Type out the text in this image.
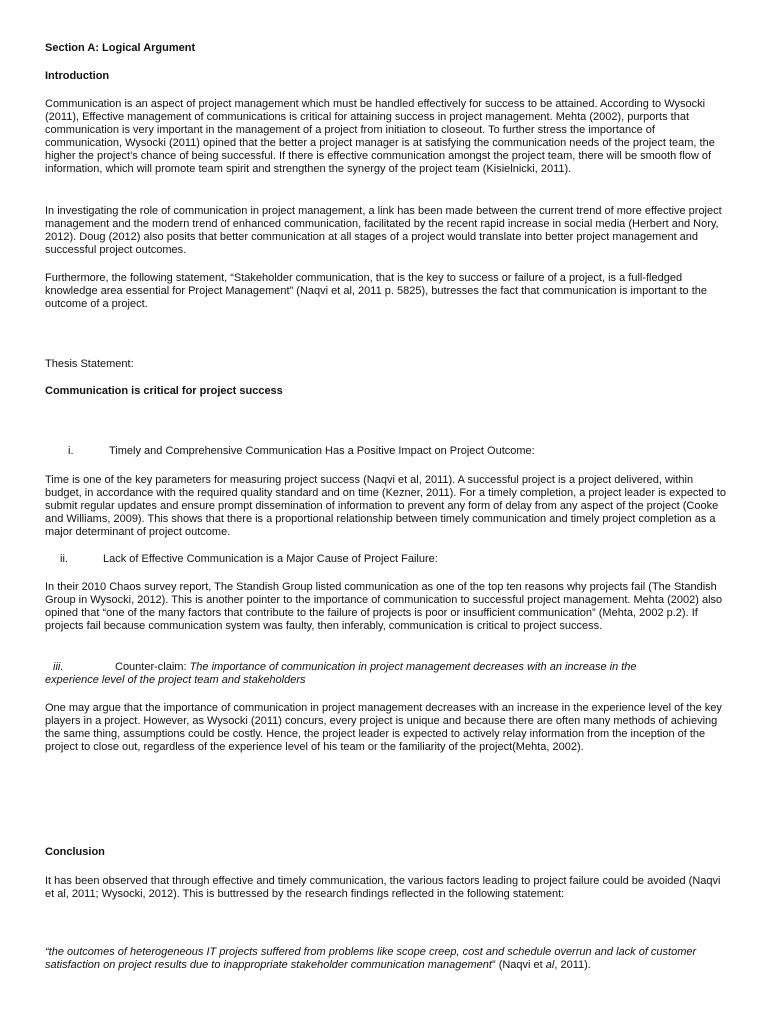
Section A: Logical Argument

Introduction

Communication is an aspect of project management which must be handled effectively for success to be attained. According to Wysocki (2011), Effective management of communications is critical for attaining success in project management. Mehta (2002), purports that communication is very important in the management of a project from initiation to closeout. To further stress the importance of communication, Wysocki (2011) opined that the better a project manager is at satisfying the communication needs of the project team, the higher the project’s chance of being successful. If there is effective communication amongst the project team, there will be smooth flow of information, which will promote team spirit and strengthen the synergy of the project team (Kisielnicki, 2011).

In investigating the role of communication in project management, a link has been made between the current trend of more effective project management and the modern trend of enhanced communication, facilitated by the recent rapid increase in social media (Herbert and Nory, 2012). Doug (2012) also posits that better communication at all stages of a project would translate into better project management and successful project outcomes.

Furthermore, the following statement, “Stakeholder communication, that is the key to success or failure of a project, is a full-fledged knowledge area essential for Project Management” (Naqvi et al, 2011 p. 5825), butresses the fact that communication is important to the outcome of a project.

Thesis Statement:

Communication is critical for project success

i.	Timely and Comprehensive Communication Has a Positive Impact on Project Outcome:

Time is one of the key parameters for measuring project success (Naqvi et al, 2011). A successful project is a project delivered, within budget, in accordance with the required quality standard and on time (Kezner, 2011). For a timely completion, a project leader is expected to submit regular updates and ensure prompt dissemination of information to prevent any form of delay from any aspect of the project (Cooke and Williams, 2009). This shows that there is a proportional relationship between timely communication and timely project completion as a major determinant of project outcome.

ii.	Lack of Effective Communication is a Major Cause of Project Failure:

In their 2010 Chaos survey report, The Standish Group listed communication as one of the top ten reasons why projects fail (The Standish Group in Wysocki, 2012). This is another pointer to the importance of communication to successful project management. Mehta (2002) also opined that “one of the many factors that contribute to the failure of projects is poor or insufficient communication” (Mehta, 2002 p.2). If projects fail because communication system was faulty, then inferably, communication is critical to project success.

iii.	Counter-claim: The importance of communication in project management decreases with an increase in the
experience level of the project team and stakeholders

One may argue that the importance of communication in project management decreases with an increase in the experience level of the key players in a project. However, as Wysocki (2011) concurs, every project is unique and because there are often many methods of achieving the same thing, assumptions could be costly. Hence, the project leader is expected to actively relay information from the inception of the project to close out, regardless of the experience level of his team or the familiarity of the project(Mehta, 2002).

Conclusion

It has been observed that through effective and timely communication, the various factors leading to project failure could be avoided (Naqvi et al, 2011; Wysocki, 2012). This is buttressed by the research findings reflected in the following statement:

“the outcomes of heterogeneous IT projects suffered from problems like scope creep, cost and schedule overrun and lack of customer satisfaction on project results due to inappropriate stakeholder communication management” (Naqvi et al, 2011).
